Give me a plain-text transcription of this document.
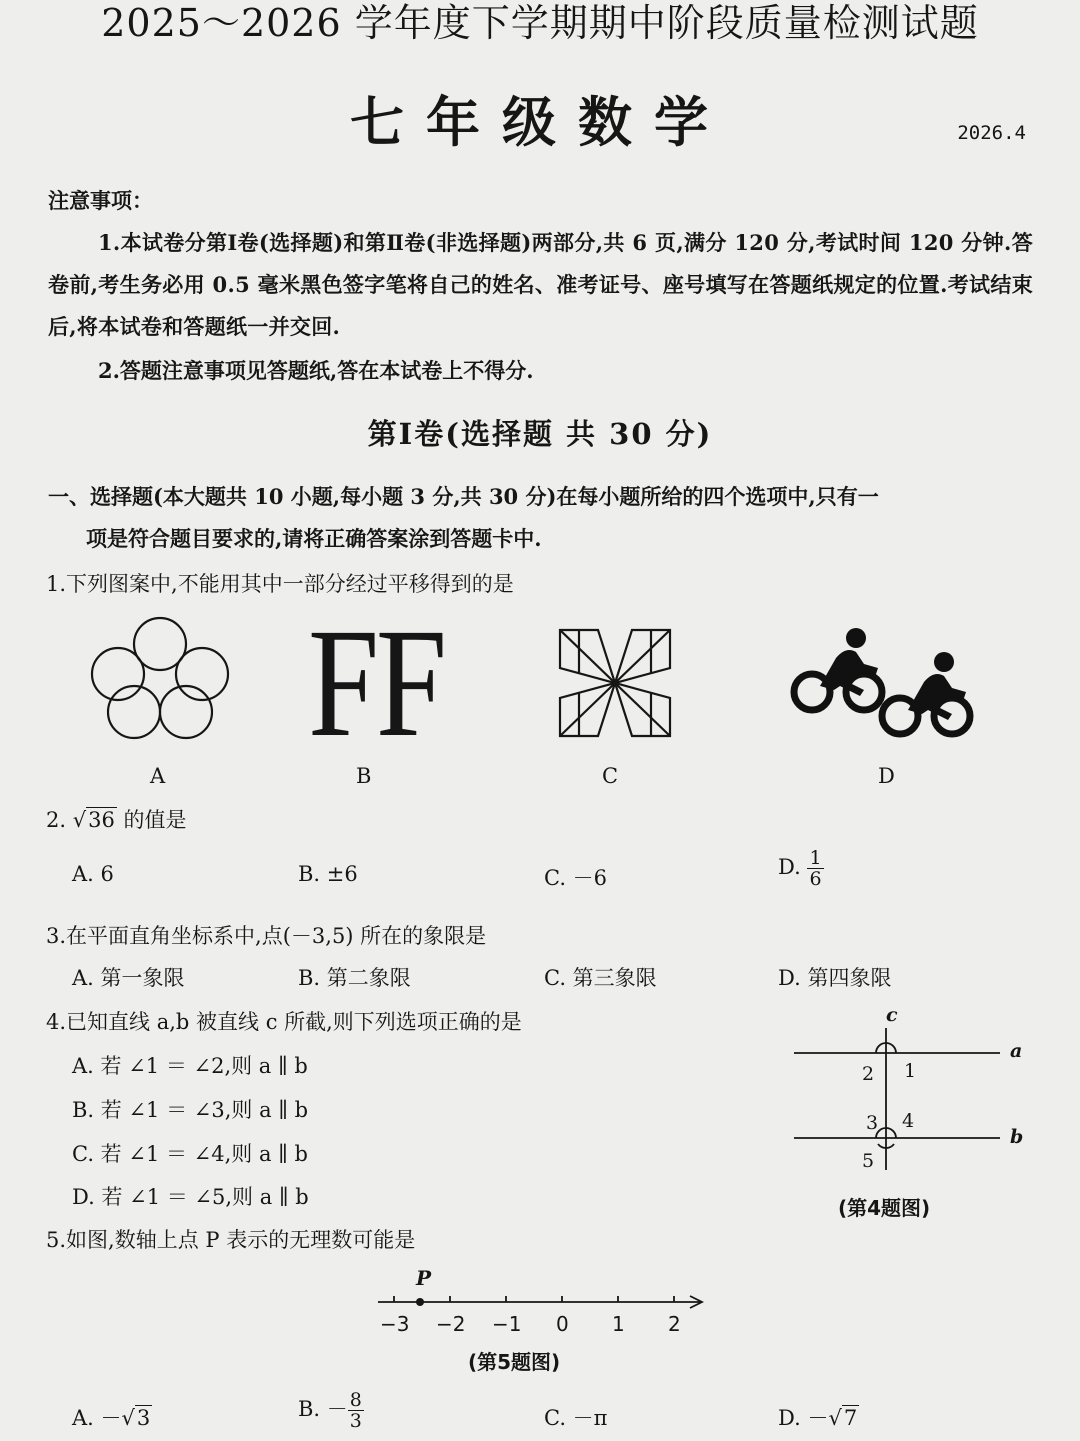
2025～2026 学年度下学期期中阶段质量检测试题
七年级数学	2026.4
注意事项：
1.本试卷分第Ⅰ卷(选择题)和第Ⅱ卷(非选择题)两部分,共 6 页,满分 120 分,考试时间 120 分钟.答卷前,考生务必用 0.5 毫米黑色签字笔将自己的姓名、准考证号、座号填写在答题纸规定的位置.考试结束后,将本试卷和答题纸一并交回.
2.答题注意事项见答题纸,答在本试卷上不得分.
第Ⅰ卷(选择题 共 30 分)
一、选择题(本大题共 10 小题,每小题 3 分,共 30 分)在每小题所给的四个选项中,只有一
项是符合题目要求的,请将正确答案涂到答题卡中.
1.下列图案中,不能用其中一部分经过平移得到的是
FF
A	B	C	D
2. √36 的值是
A. 6	B. ±6	C. －6	D. $\frac{1}{6}$
3.在平面直角坐标系中,点(－3,5) 所在的象限是
A. 第一象限	B. 第二象限	C. 第三象限	D. 第四象限
4.已知直线 a,b 被直线 c 所截,则下列选项正确的是
A. 若 ∠1 ＝ ∠2,则 a ∥ b
B. 若 ∠1 ＝ ∠3,则 a ∥ b
C. 若 ∠1 ＝ ∠4,则 a ∥ b
D. 若 ∠1 ＝ ∠5,则 a ∥ b
c
a
b
2 1
3 4
5
(第4题图)
5.如图,数轴上点 P 表示的无理数可能是
P
−3 −2 −1 0 1 2
(第5题图)
A. －√3	B. － $\frac{8}{3}$	C. －π	D. －√7
